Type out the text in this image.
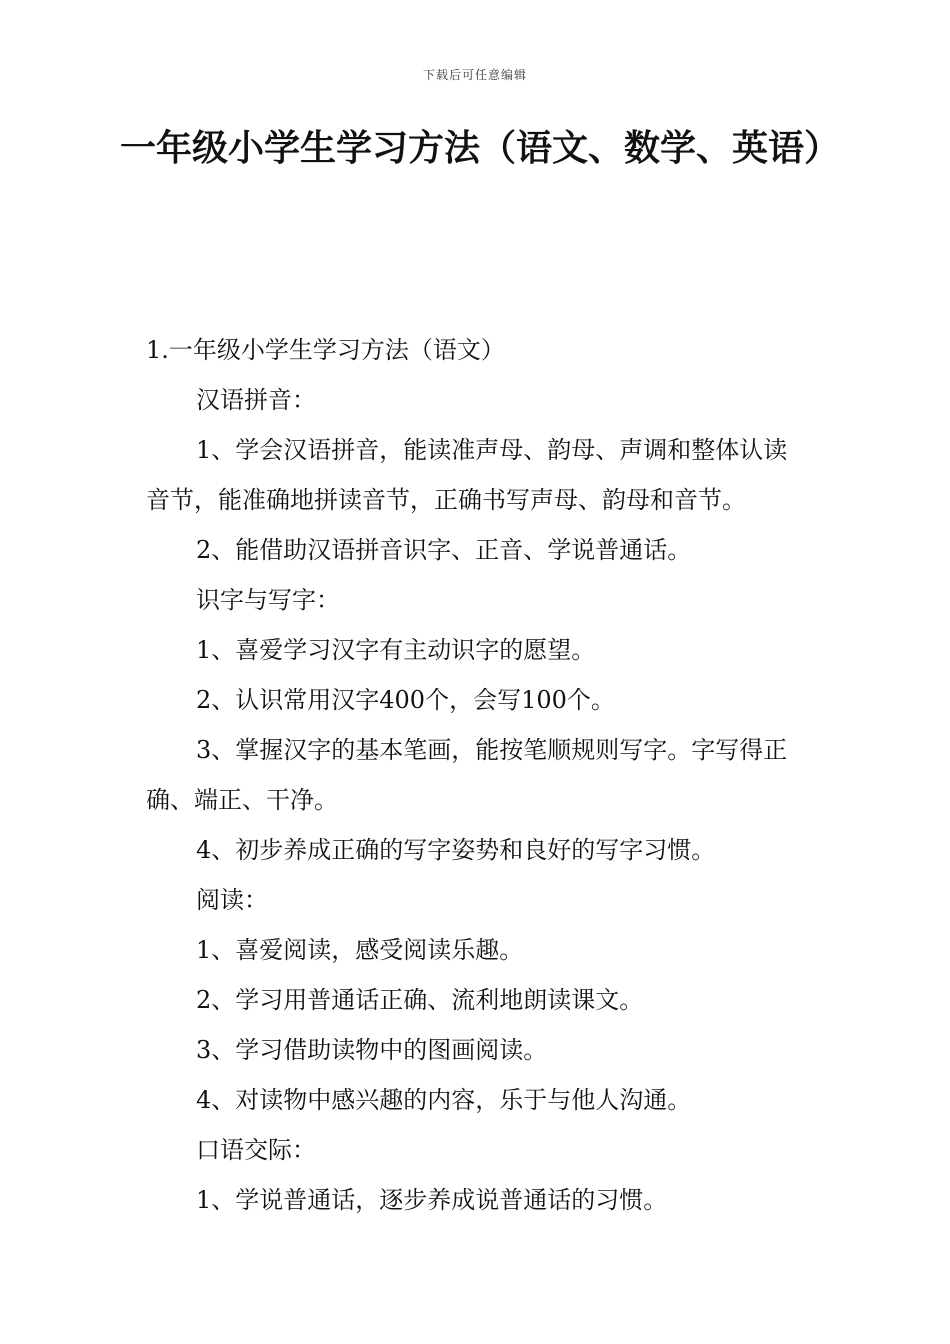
下载后可任意编辑
一年级小学生学习方法（语文、数学、英语）

1.一年级小学生学习方法（语文）

汉语拼音：

1、学会汉语拼音，能读准声母、韵母、声调和整体认读音节，能准确地拼读音节，正确书写声母、韵母和音节。

2、能借助汉语拼音识字、正音、学说普通话。

识字与写字：

1、喜爱学习汉字有主动识字的愿望。

2、认识常用汉字400个，会写100个。

3、掌握汉字的基本笔画，能按笔顺规则写字。字写得正确、端正、干净。

4、初步养成正确的写字姿势和良好的写字习惯。

阅读：

1、喜爱阅读，感受阅读乐趣。

2、学习用普通话正确、流利地朗读课文。

3、学习借助读物中的图画阅读。

4、对读物中感兴趣的内容，乐于与他人沟通。

口语交际：

1、学说普通话，逐步养成说普通话的习惯。
